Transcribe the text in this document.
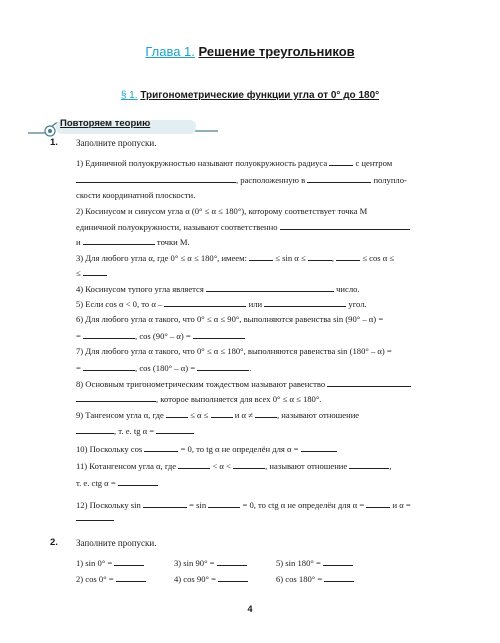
Глава 1. Решение треугольников
§ 1. Тригонометрические функции угла от 0° до 180°
Повторяем теорию
1. Заполните пропуски.
1) Единичной полуокружностью называют полуокружность радиуса	с центром
, расположенную в	полупло-
скости координатной плоскости.
2) Косинусом и синусом угла α (0° ≤ α ≤ 180°), которому соответствует точка M
единичной полуокружности, называют соответственно
и	точки M.
3) Для любого угла α, где 0° ≤ α ≤ 180°, имеем:	≤ sin α ≤	,	≤ cos α ≤
≤
4) Косинусом тупого угла является	число.
5) Если cos α < 0, то α –	или	угол.
6) Для любого угла α такого, что 0° ≤ α ≤ 90°, выполняются равенства sin (90° – α) =
=	, cos (90° – α) =
7) Для любого угла α такого, что 0° ≤ α ≤ 180°, выполняются равенства sin (180° – α) =
=	, cos (180° – α) =	.
8) Основным тригонометрическим тождеством называют равенство
, которое выполняется для всех 0° ≤ α ≤ 180°.
9) Тангенсом угла α, где	≤ α ≤	и α ≠	, называют отношение
, т. е. tg α =
10) Поскольку cos	= 0, то tg α не определён для α =
11) Котангенсом угла α, где	< α <	, называют отношение	,
т. е. ctg α =
12) Поскольку sin	= sin	= 0, то ctg α не определён для α =	и α =
2. Заполните пропуски.
1) sin 0° =	3) sin 90° =	5) sin 180° =
2) cos 0° =	4) cos 90° =	6) cos 180° =
4
